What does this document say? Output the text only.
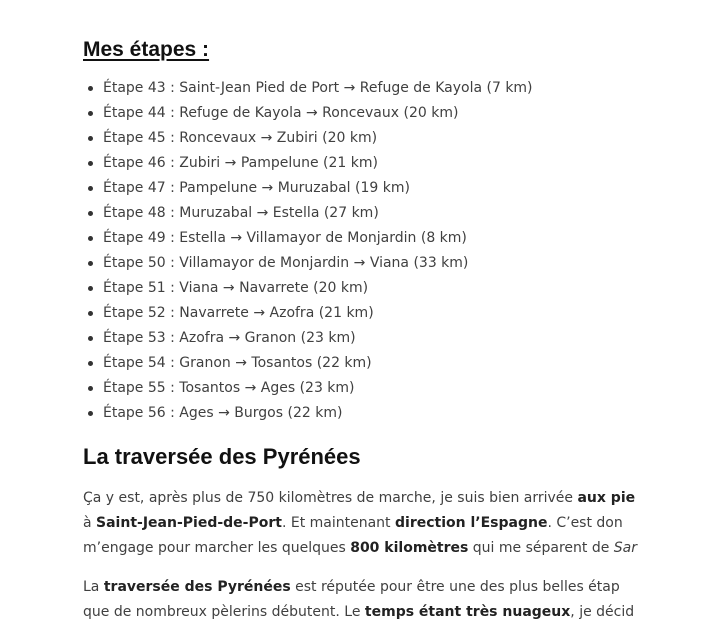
Mes étapes :
Étape 43 : Saint-Jean Pied de Port → Refuge de Kayola (7 km)
Étape 44 : Refuge de Kayola → Roncevaux (20 km)
Étape 45 : Roncevaux → Zubiri (20 km)
Étape 46 : Zubiri → Pampelune (21 km)
Étape 47 : Pampelune → Muruzabal (19 km)
Étape 48 : Muruzabal → Estella (27 km)
Étape 49 : Estella → Villamayor de Monjardin (8 km)
Étape 50 : Villamayor de Monjardin → Viana (33 km)
Étape 51 : Viana → Navarrete (20 km)
Étape 52 : Navarrete → Azofra (21 km)
Étape 53 : Azofra → Granon (23 km)
Étape 54 : Granon → Tosantos (22 km)
Étape 55 : Tosantos → Ages (23 km)
Étape 56 : Ages → Burgos (22 km)
La traversée des Pyrénées

Ça y est, après plus de 750 kilomètres de marche, je suis bien arrivée aux pie
à Saint-Jean-Pied-de-Port. Et maintenant direction l’Espagne. C’est don
m’engage pour marcher les quelques 800 kilomètres qui me séparent de Sar

La traversée des Pyrénées est réputée pour être une des plus belles étap
que de nombreux pèlerins débutent. Le temps étant très nuageux, je décid
